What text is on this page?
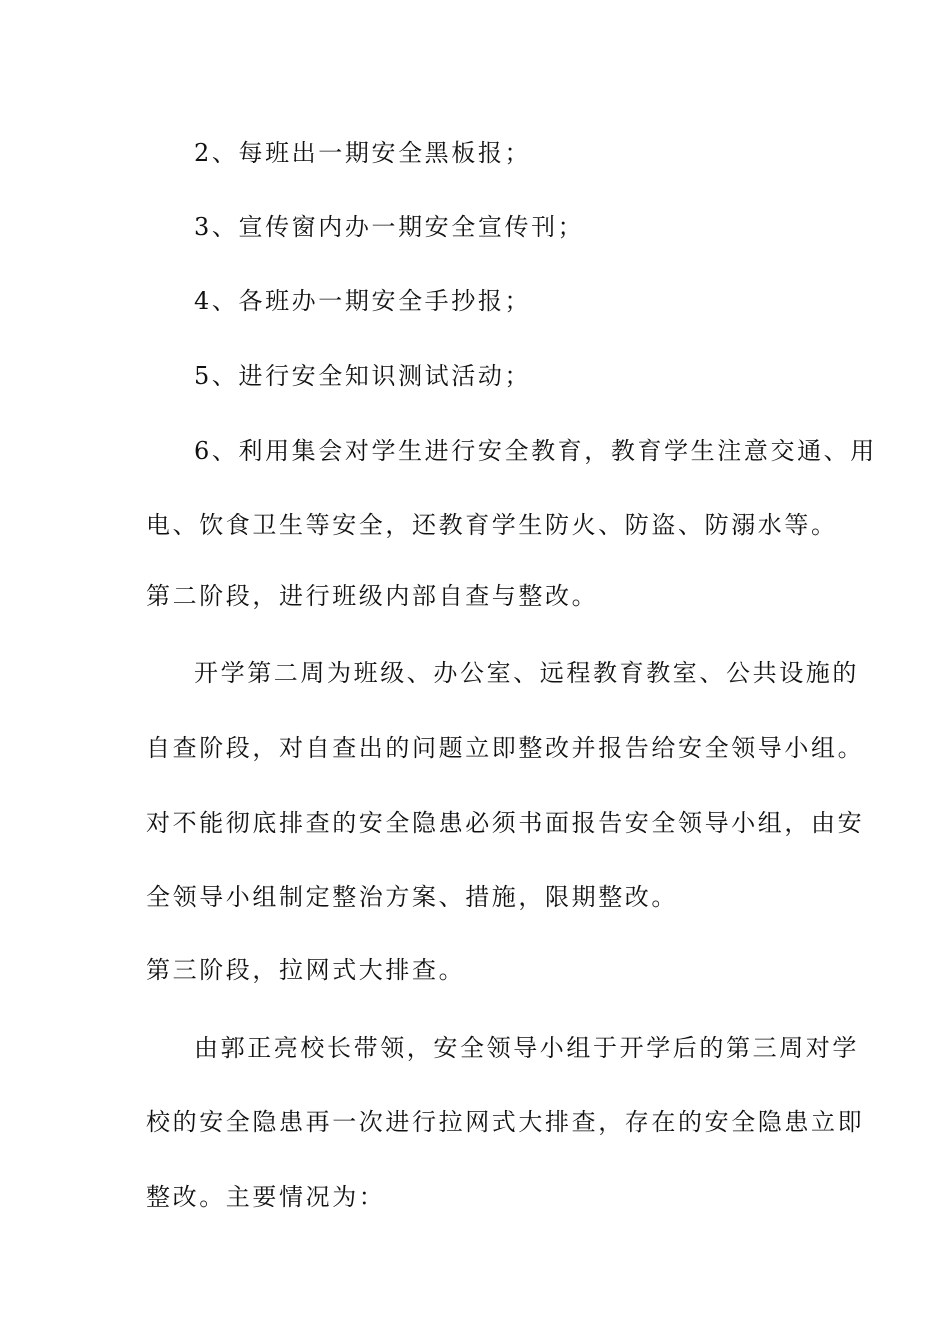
2、每班出一期安全黑板报；
3、宣传窗内办一期安全宣传刊；
4、各班办一期安全手抄报；
5、进行安全知识测试活动；
6、利用集会对学生进行安全教育，教育学生注意交通、用
电、饮食卫生等安全，还教育学生防火、防盗、防溺水等。
第二阶段，进行班级内部自查与整改。
开学第二周为班级、办公室、远程教育教室、公共设施的
自查阶段，对自查出的问题立即整改并报告给安全领导小组。
对不能彻底排查的安全隐患必须书面报告安全领导小组，由安
全领导小组制定整治方案、措施，限期整改。
第三阶段，拉网式大排查。
由郭正亮校长带领，安全领导小组于开学后的第三周对学
校的安全隐患再一次进行拉网式大排查，存在的安全隐患立即
整改。主要情况为：
